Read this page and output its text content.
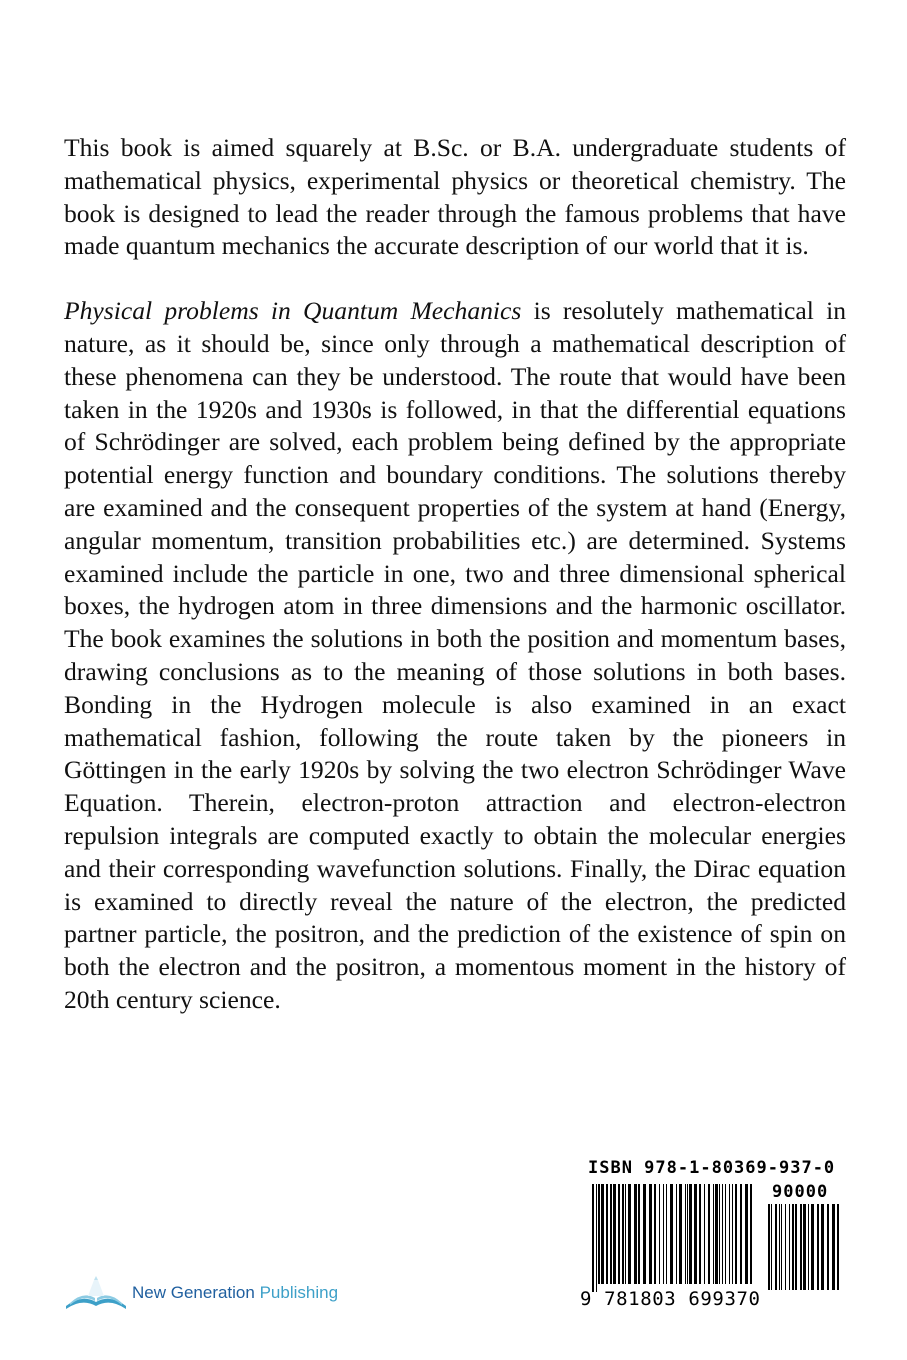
This book is aimed squarely at B.Sc. or B.A. undergraduate students of mathematical physics, experimental physics or theoretical chemistry. The book is designed to lead the reader through the famous problems that have made quantum mechanics the accurate description of our world that it is.

Physical problems in Quantum Mechanics is resolutely mathematical in nature, as it should be, since only through a mathematical description of these phenomena can they be understood. The route that would have been taken in the 1920s and 1930s is followed, in that the differential equations of Schrödinger are solved, each problem being defined by the appropriate potential energy function and boundary conditions. The solutions thereby are examined and the consequent properties of the system at hand (Energy, angular momentum, transition probabilities etc.) are determined. Systems examined include the particle in one, two and three dimensional spherical boxes, the hydrogen atom in three dimensions and the harmonic oscillator. The book examines the solutions in both the position and momentum bases, drawing conclusions as to the meaning of those solutions in both bases. Bonding in the Hydrogen molecule is also examined in an exact mathematical fashion, following the route taken by the pioneers in Göttingen in the early 1920s by solving the two electron Schrödinger Wave Equation. Therein, electron-proton attraction and electron-electron repulsion integrals are computed exactly to obtain the molecular energies and their corresponding wavefunction solutions. Finally, the Dirac equation is examined to directly reveal the nature of the electron, the predicted partner particle, the positron, and the prediction of the existence of spin on both the electron and the positron, a momentous moment in the history of 20th century science.

ISBN 978-1-80369-937-0
90000
9 781803 699370
New Generation Publishing
